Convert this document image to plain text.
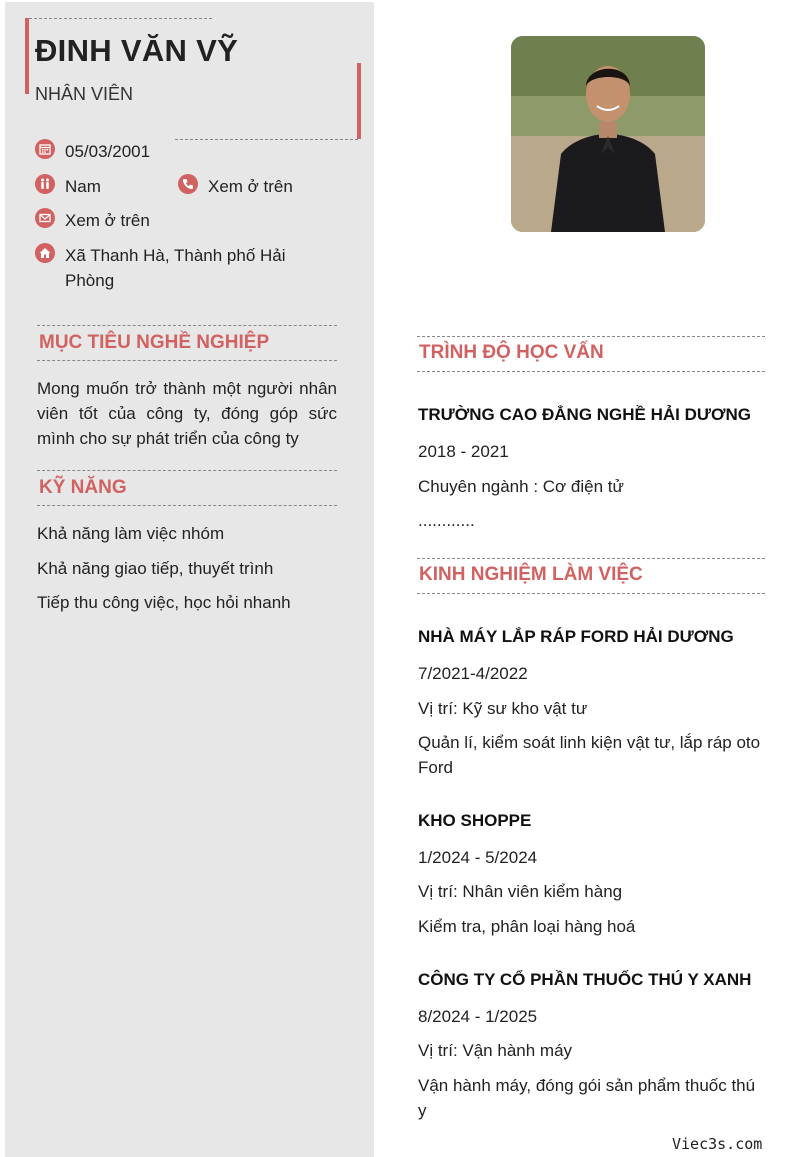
ĐINH VĂN VỸ
NHÂN VIÊN
05/03/2001
Nam	Xem ở trên
Xem ở trên
Xã Thanh Hà, Thành phố Hải Phòng
MỤC TIÊU NGHỀ NGHIỆP
Mong muốn trở thành một người nhân viên tốt của công ty, đóng góp sức mình cho sự phát triển của công ty
KỸ NĂNG
Khả năng làm việc nhóm
Khả năng giao tiếp, thuyết trình
Tiếp thu công việc, học hỏi nhanh
TRÌNH ĐỘ HỌC VẤN
TRƯỜNG CAO ĐẲNG NGHỀ HẢI DƯƠNG
2018 - 2021
Chuyên ngành : Cơ điện tử
............
KINH NGHIỆM LÀM VIỆC
NHÀ MÁY LẮP RÁP FORD HẢI DƯƠNG
7/2021-4/2022
Vị trí: Kỹ sư kho vật tư
Quản lí, kiểm soát linh kiện vật tư, lắp ráp oto Ford
KHO SHOPPE
1/2024 - 5/2024
Vị trí: Nhân viên kiểm hàng
Kiểm tra, phân loại hàng hoá
CÔNG TY CỔ PHẦN THUỐC THÚ Y XANH
8/2024 - 1/2025
Vị trí: Vận hành máy
Vận hành máy, đóng gói sản phẩm thuốc thú y
Viec3s.com
